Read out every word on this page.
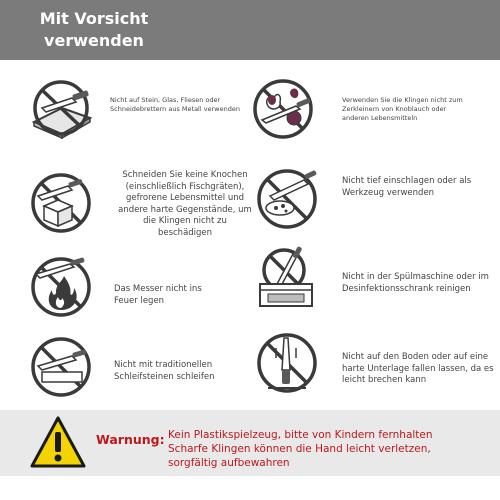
Mit Vorsicht
verwenden
Nicht auf Stein, Glas, Fliesen oder Schneidebrettern aus Metall verwenden
Verwenden Sie die Klingen nicht zum Zerkleinern von Knoblauch oder anderen Lebensmitteln
Schneiden Sie keine Knochen (einschließlich Fischgräten), gefrorene Lebensmittel und andere harte Gegenstände, um die Klingen nicht zu beschädigen
Nicht tief einschlagen oder als Werkzeug verwenden
Das Messer nicht ins Feuer legen
Nicht in der Spülmaschine oder im Desinfektionsschrank reinigen
Nicht mit traditionellen Schleifsteinen schleifen
Nicht auf den Boden oder auf eine harte Unterlage fallen lassen, da es leicht brechen kann
Warnung: Kein Plastikspielzeug, bitte von Kindern fernhalten
Scharfe Klingen können die Hand leicht verletzen,
sorgfältig aufbewahren
